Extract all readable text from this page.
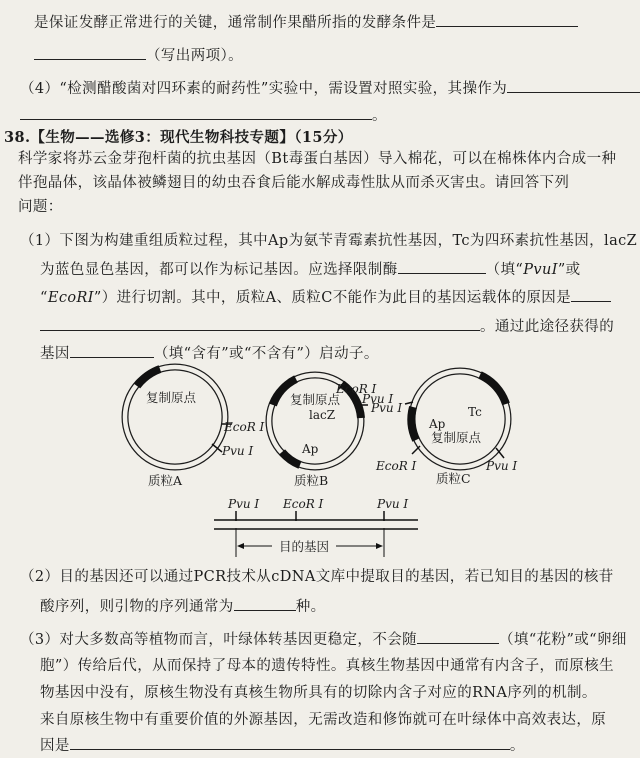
是保证发酵正常进行的关键，通常制作果醋所指的发酵条件是
（写出两项）。
（4）“检测醋酸菌对四环素的耐药性”实验中，需设置对照实验，其操作为
。
38.【生物——选修3：现代生物科技专题】（15分）
科学家将苏云金芽孢杆菌的抗虫基因（Bt毒蛋白基因）导入棉花，可以在棉株体内合成一种
伴孢晶体，该晶体被鳞翅目的幼虫吞食后能水解成毒性肽从而杀灭害虫。请回答下列
问题：
（1）下图为构建重组质粒过程，其中Ap为氨苄青霉素抗性基因，Tc为四环素抗性基因，lacZ
为蓝色显色基因，都可以作为标记基因。应选择限制酶	（填“PvuⅠ”或
“EcoRⅠ”）进行切割。其中，质粒A、质粒C不能作为此目的基因运载体的原因是
。通过此途径获得的
基因	（填“含有”或“不含有”）启动子。
复制原点
EcoR Ⅰ
Pvu Ⅰ
质粒A
复制原点
lacZ
Ap
EcoR Ⅰ
Pvu Ⅰ
质粒B
Tc
Ap
复制原点
Pvu Ⅰ
EcoR Ⅰ	Pvu Ⅰ
质粒C
Pvu Ⅰ EcoR Ⅰ	Pvu Ⅰ
目的基因
（2）目的基因还可以通过PCR技术从cDNA文库中提取目的基因，若已知目的基因的核苷
酸序列，则引物的序列通常为	种。
（3）对大多数高等植物而言，叶绿体转基因更稳定，不会随	（填“花粉”或“卵细
胞”）传给后代，从而保持了母本的遗传特性。真核生物基因中通常有内含子，而原核生
物基因中没有，原核生物没有真核生物所具有的切除内含子对应的RNA序列的机制。
来自原核生物中有重要价值的外源基因，无需改造和修饰就可在叶绿体中高效表达，原
因是	。
